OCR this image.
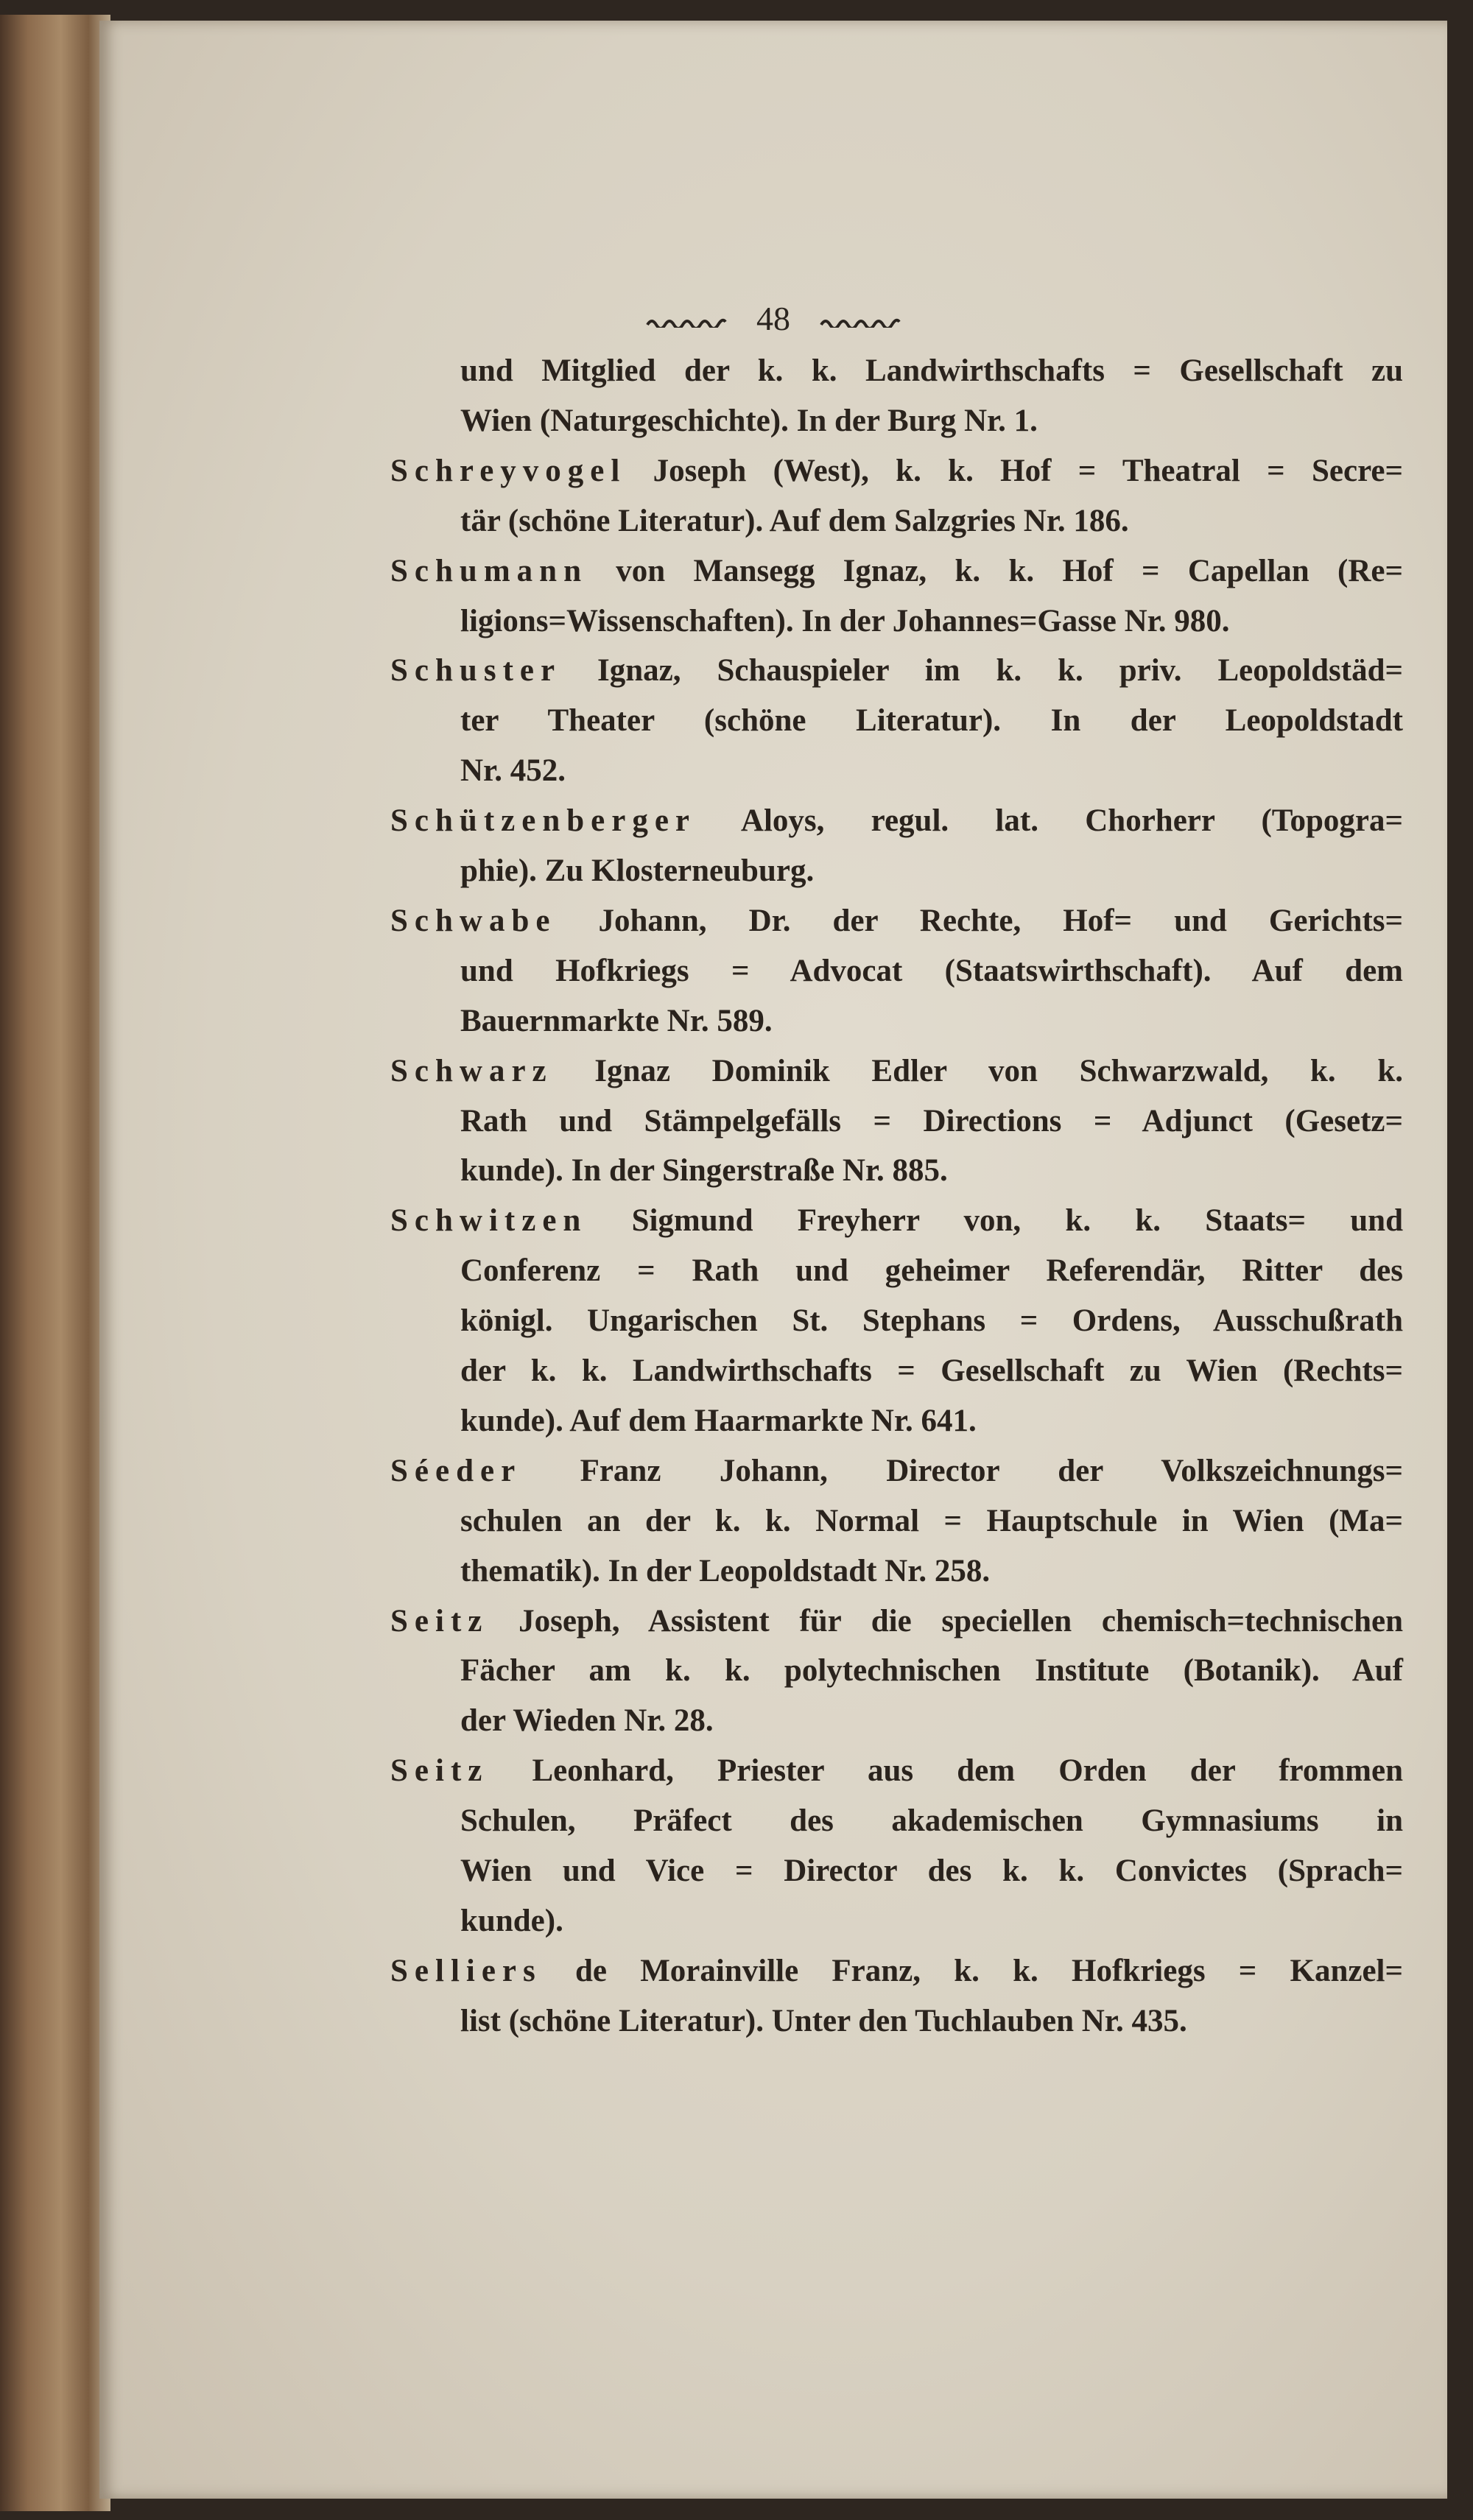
48
und Mitglied der k. k. Landwirthschafts = Gesellschaft zu
Wien (Naturgeschichte). In der Burg Nr. 1.
Schreyvogel Joseph (West), k. k. Hof = Theatral = Secre=
tär (schöne Literatur). Auf dem Salzgries Nr. 186.
Schumann von Mansegg Ignaz, k. k. Hof = Capellan (Re=
ligions=Wissenschaften). In der Johannes=Gasse Nr. 980.
Schuster Ignaz, Schauspieler im k. k. priv. Leopoldstäd=
ter Theater (schöne Literatur). In der Leopoldstadt
Nr. 452.
Schützenberger Aloys, regul. lat. Chorherr (Topogra=
phie). Zu Klosterneuburg.
Schwabe Johann, Dr. der Rechte, Hof= und Gerichts=
und Hofkriegs = Advocat (Staatswirthschaft). Auf dem
Bauernmarkte Nr. 589.
Schwarz Ignaz Dominik Edler von Schwarzwald, k. k.
Rath und Stämpelgefälls = Directions = Adjunct (Gesetz=
kunde). In der Singerstraße Nr. 885.
Schwitzen Sigmund Freyherr von, k. k. Staats= und
Conferenz = Rath und geheimer Referendär, Ritter des
königl. Ungarischen St. Stephans = Ordens, Ausschußrath
der k. k. Landwirthschafts = Gesellschaft zu Wien (Rechts=
kunde). Auf dem Haarmarkte Nr. 641.
Séeder Franz Johann, Director der Volkszeichnungs=
schulen an der k. k. Normal = Hauptschule in Wien (Ma=
thematik). In der Leopoldstadt Nr. 258.
Seitz Joseph, Assistent für die speciellen chemisch=technischen
Fächer am k. k. polytechnischen Institute (Botanik). Auf
der Wieden Nr. 28.
Seitz Leonhard, Priester aus dem Orden der frommen
Schulen, Präfect des akademischen Gymnasiums in
Wien und Vice = Director des k. k. Convictes (Sprach=
kunde).
Selliers de Morainville Franz, k. k. Hofkriegs = Kanzel=
list (schöne Literatur). Unter den Tuchlauben Nr. 435.
